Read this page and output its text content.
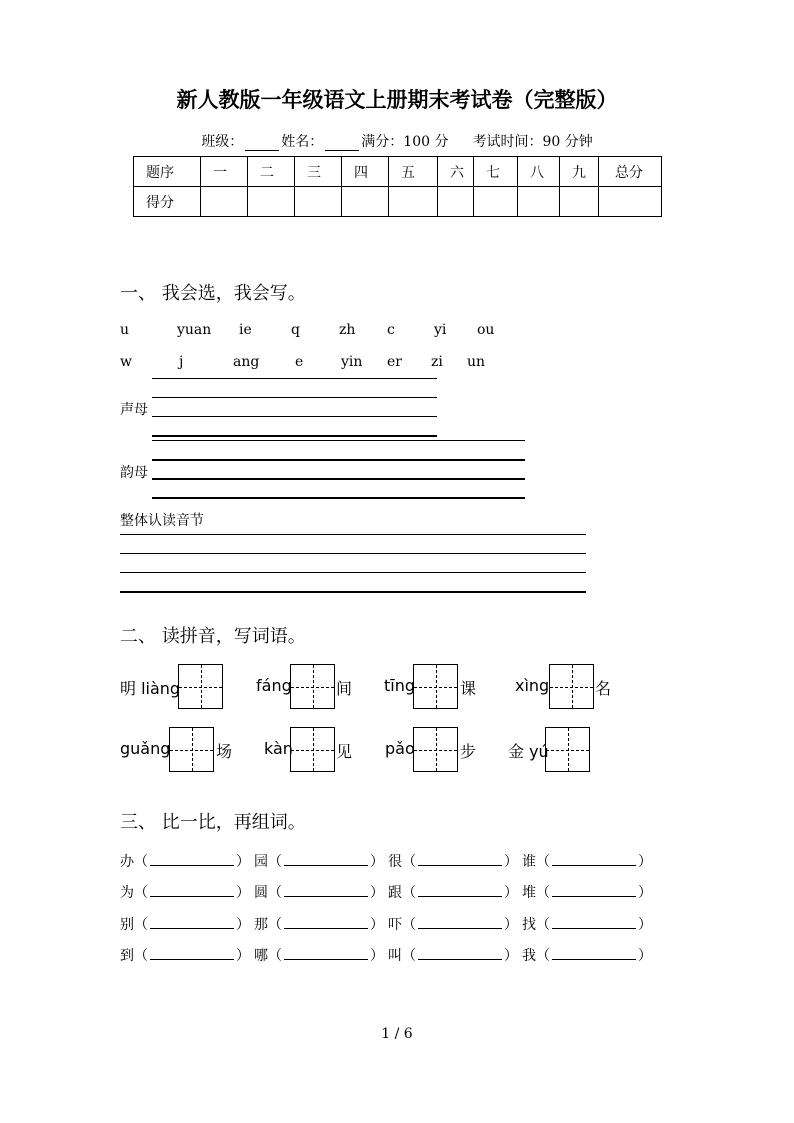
新人教版一年级语文上册期末考试卷（完整版）
班级：	姓名：	满分：100 分 考试时间：90 分钟
题序	一	二	三	四	五	六	七	八	九	总分
得分										
一、 我会选，我会写。
u	yuan ie	q	zh c	yi ou
w	j	ang	e	yin er zi un
声母
韵母
整体认读音节
二、 读拼音，写词语。
明 liàng	fáng	间 tīng	课 xìng	名
guǎng	场 kàn	见 pǎo	步 金 yú
三、 比一比，再组词。
办（	） 园（	） 很（	） 谁（	）
为（	） 圆（	） 跟（	） 堆（	）
别（	） 那（	） 吓（	） 找（	）
到（	） 哪（	） 叫（	） 我（	）
1 / 6
